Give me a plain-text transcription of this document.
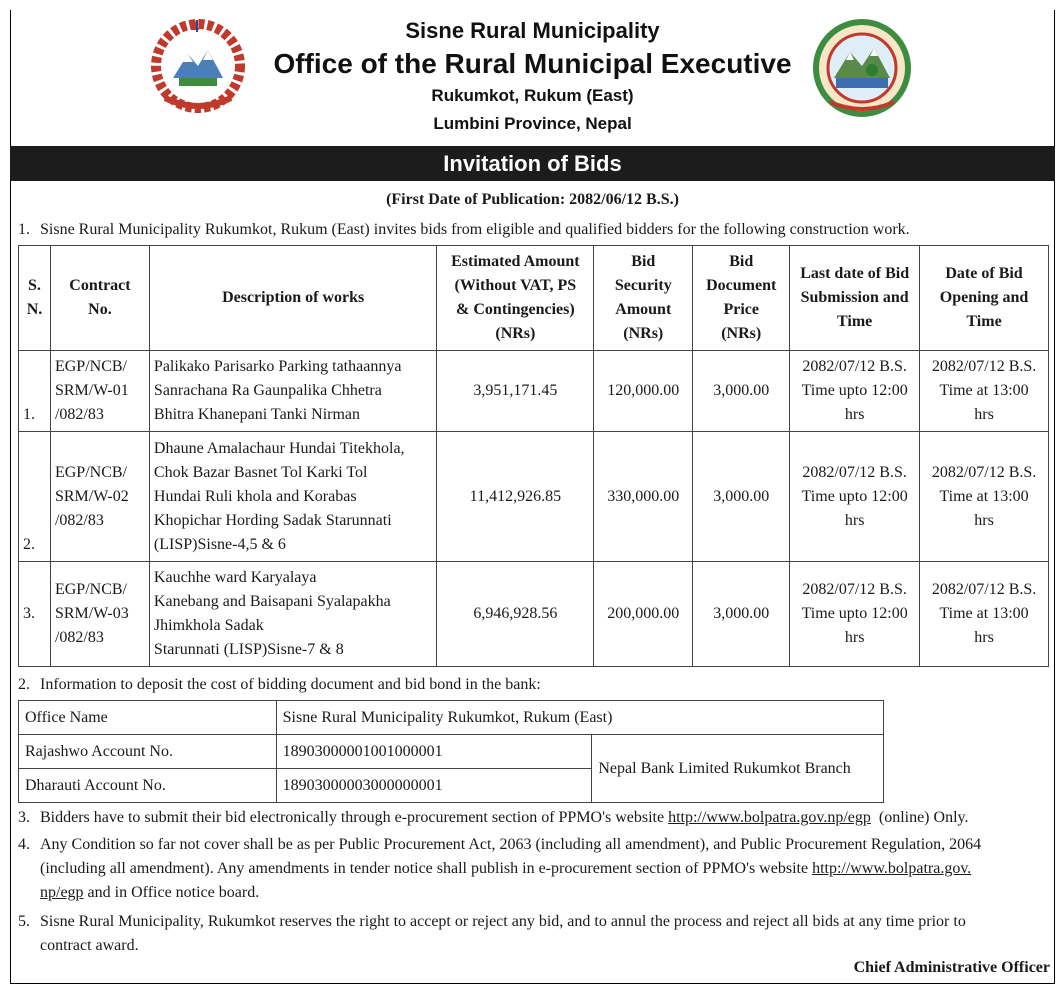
Sisne Rural Municipality
Office of the Rural Municipal Executive
Rukumkot, Rukum (East)
Lumbini Province, Nepal
Invitation of Bids
(First Date of Publication: 2082/06/12 B.S.)
1. Sisne Rural Municipality Rukumkot, Rukum (East) invites bids from eligible and qualified bidders for the following construction work.
S.
N.	Contract
No.	Description of works	Estimated Amount
(Without VAT, PS
& Contingencies)
(NRs)	Bid
Security
Amount
(NRs)	Bid
Document
Price
(NRs)	Last date of Bid
Submission and
Time	Date of Bid
Opening and
Time
1.	EGP/NCB/
SRM/W-01
/082/83	Palikako Parisarko Parking tathaannya
Sanrachana Ra Gaunpalika Chhetra
Bhitra Khanepani Tanki Nirman	3,951,171.45	120,000.00	3,000.00	2082/07/12 B.S.
Time upto 12:00
hrs	2082/07/12 B.S.
Time at 13:00
hrs
2.	EGP/NCB/
SRM/W-02
/082/83	Dhaune Amalachaur Hundai Titekhola,
Chok Bazar Basnet Tol Karki Tol
Hundai Ruli khola and Korabas
Khopichar Hording Sadak Starunnati
(LISP)Sisne-4,5 & 6	11,412,926.85	330,000.00	3,000.00	2082/07/12 B.S.
Time upto 12:00
hrs	2082/07/12 B.S.
Time at 13:00
hrs
3.	EGP/NCB/
SRM/W-03
/082/83	Kauchhe ward Karyalaya
Kanebang and Baisapani Syalapakha
Jhimkhola Sadak
Starunnati (LISP)Sisne-7 & 8	6,946,928.56	200,000.00	3,000.00	2082/07/12 B.S.
Time upto 12:00
hrs	2082/07/12 B.S.
Time at 13:00
hrs
2. Information to deposit the cost of bidding document and bid bond in the bank:
Office Name	Sisne Rural Municipality Rukumkot, Rukum (East)	
Rajashwo Account No.	18903000001001000001	Nepal Bank Limited Rukumkot Branch
Dharauti Account No.	18903000003000000001	
3. Bidders have to submit their bid electronically through e-procurement section of PPMO's website http://www.bolpatra.gov.np/egp  (online) Only.
4. Any Condition so far not cover shall be as per Public Procurement Act, 2063 (including all amendment), and Public Procurement Regulation, 2064
(including all amendment). Any amendments in tender notice shall publish in e-procurement section of PPMO's website http://www.bolpatra.gov.
np/egp and in Office notice board.
5. Sisne Rural Municipality, Rukumkot reserves the right to accept or reject any bid, and to annul the process and reject all bids at any time prior to
contract award.
Chief Administrative Officer
